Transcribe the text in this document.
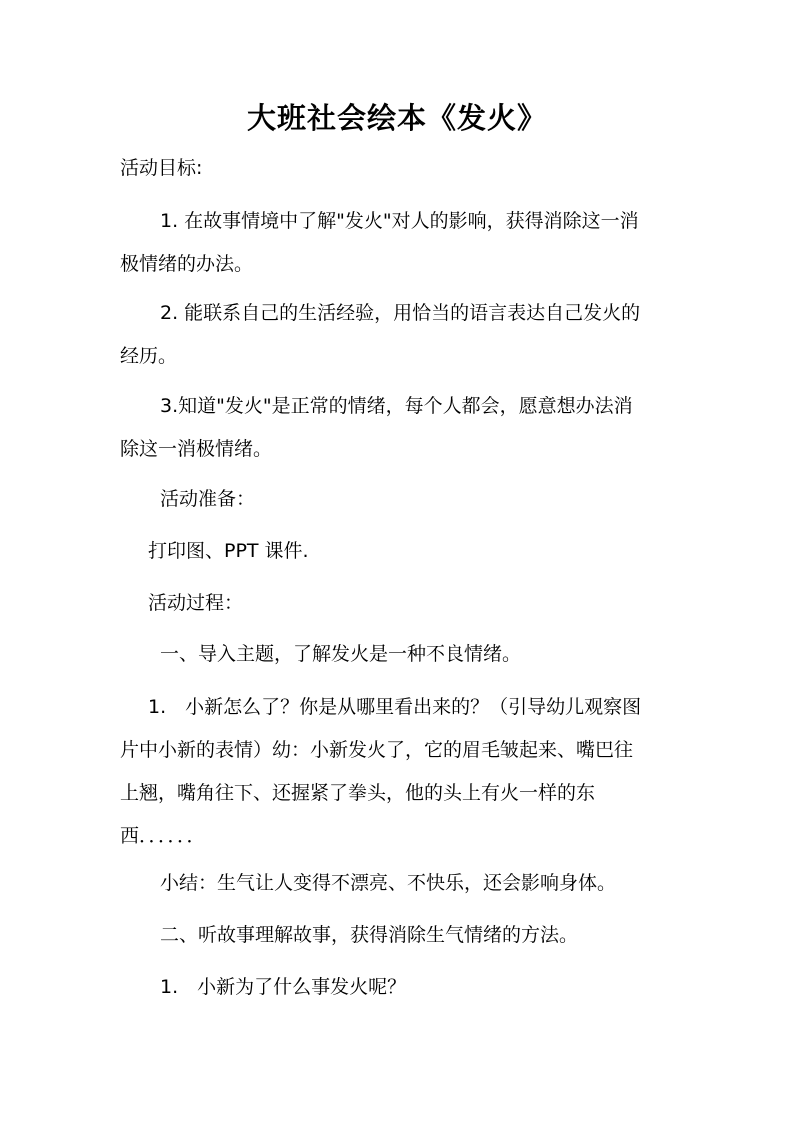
大班社会绘本《发火》
活动目标:
1. 在故事情境中了解"发火"对人的影响，获得消除这一消
极情绪的办法。
2. 能联系自己的生活经验，用恰当的语言表达自己发火的
经历。
3.知道"发火"是正常的情绪，每个人都会，愿意想办法消
除这一消极情绪。
活动准备：
打印图、PPT 课件.
活动过程：
一、导入主题，了解发火是一种不良情绪。
1.　小新怎么了？你是从哪里看出来的？（引导幼儿观察图
片中小新的表情）幼：小新发火了，它的眉毛皱起来、嘴巴往
上翘，嘴角往下、还握紧了拳头，他的头上有火一样的东
西．．．．．．
小结：生气让人变得不漂亮、不快乐，还会影响身体。
二、听故事理解故事，获得消除生气情绪的方法。
1.　小新为了什么事发火呢？
